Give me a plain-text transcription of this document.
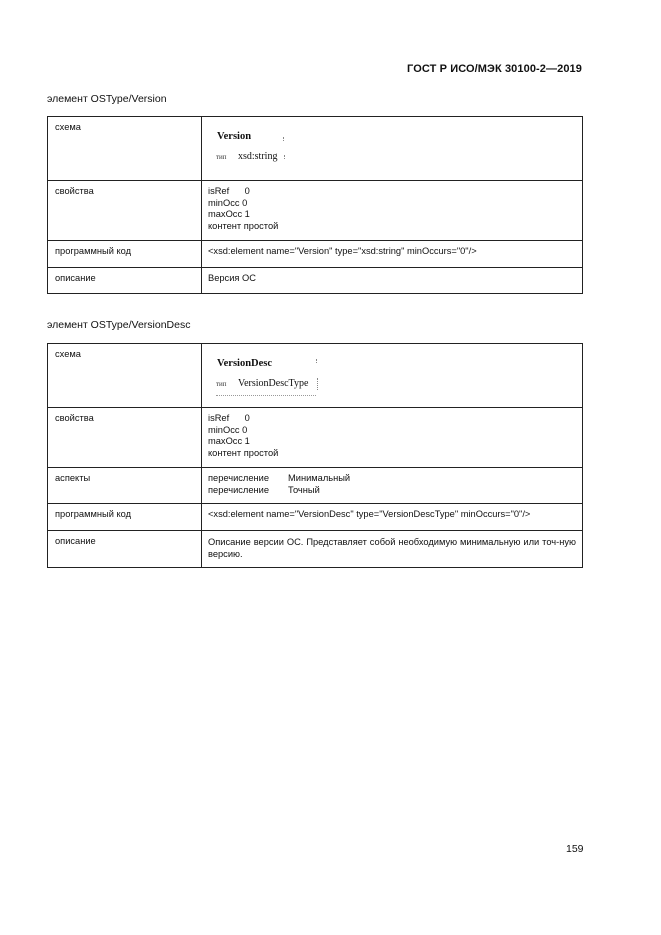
ГОСТ Р ИСО/МЭК 30100-2—2019
элемент OSType/Version
схема	Version
тип xsd:string

свойства	isRef      0
minOcc 0
maxOcc 1
контент простой

программный код	<xsd:element name="Version" type="xsd:string" minOccurs="0"/>
описание	Версия ОС
элемент OSType/VersionDesc
схема	VersionDesc
тип VersionDescType

свойства	isRef      0
minOcc 0
maxOcc 1
контент простой

аспекты	перечисление Минимальный
перечисление Точный

программный код	<xsd:element name="VersionDesc" type="VersionDescType" minOccurs="0"/>
описание	Описание версии ОС. Представляет собой необходимую минимальную или точ-ную версию.
159
